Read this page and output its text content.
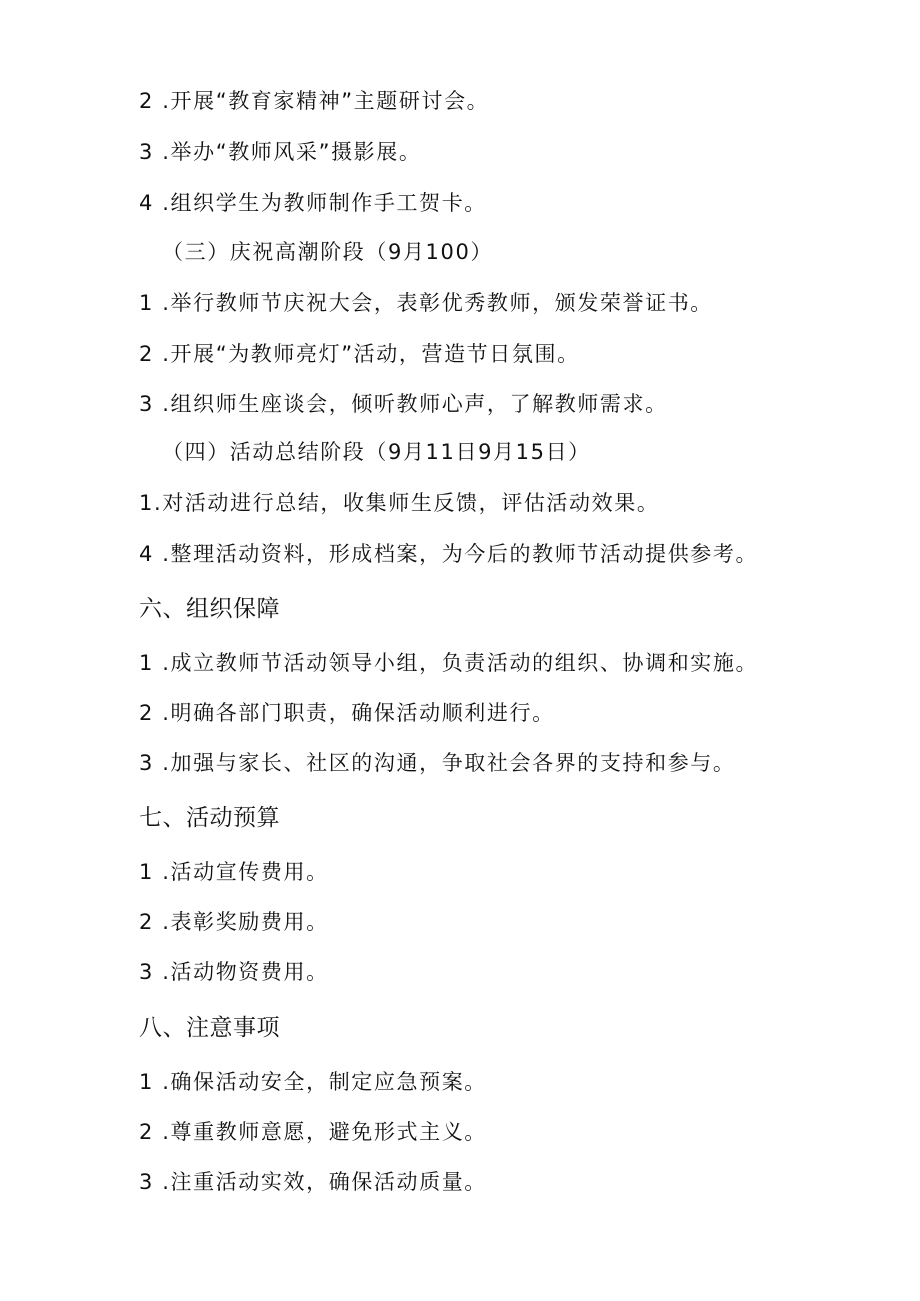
2 .开展“教育家精神”主题研讨会。
3 .举办“教师风采”摄影展。
4 .组织学生为教师制作手工贺卡。
（三）庆祝高潮阶段（9月100）
1 .举行教师节庆祝大会，表彰优秀教师，颁发荣誉证书。
2 .开展“为教师亮灯”活动，营造节日氛围。
3 .组织师生座谈会，倾听教师心声，了解教师需求。
（四）活动总结阶段（9月11日9月15日）
1.对活动进行总结，收集师生反馈，评估活动效果。
4 .整理活动资料，形成档案，为今后的教师节活动提供参考。
六、组织保障
1 .成立教师节活动领导小组，负责活动的组织、协调和实施。
2 .明确各部门职责，确保活动顺利进行。
3 .加强与家长、社区的沟通，争取社会各界的支持和参与。
七、活动预算
1 .活动宣传费用。
2 .表彰奖励费用。
3 .活动物资费用。
八、注意事项
1 .确保活动安全，制定应急预案。
2 .尊重教师意愿，避免形式主义。
3 .注重活动实效，确保活动质量。
